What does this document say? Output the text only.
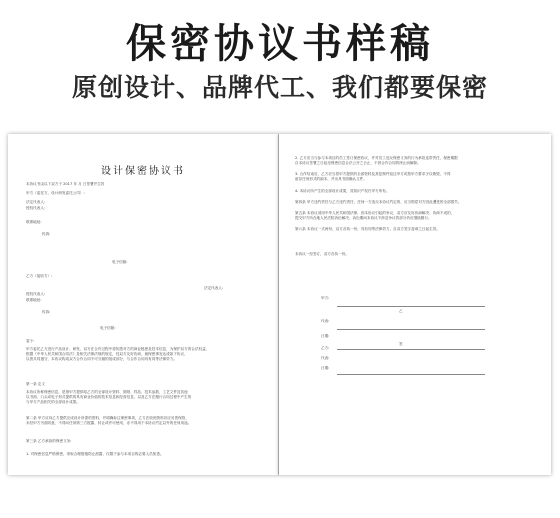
保密协议书样稿
原创设计、品牌代工、我们都要保密
设计保密协议书
本协议书由以下双方于 2017 年 月 日签署并生效
甲方（委托方，设计研发委托公司）:
法定代表人:
授权代表人:
联系地址:
传真:
电子信箱:
乙方（接收方）:
法定代表人:
授权代表人:
联系地址:
传真:
电子信箱:
鉴于:
甲方委托乙方进行产品设计、研发，双方在合作过程中将知悉对方的商业秘密及技术信息，为保护双方的合法权益，
根据《中华人民共和国合同法》及相关法律法规的规定，经双方友好协商，就保密事宜达成如下协议，
以资共同遵守，本协议构成双方合作合同不可分割的组成部分，与合作合同具有同等法律效力。
第一条 定义
本协议所称保密信息，是指甲方提供给乙方的全部设计资料、图纸、样品、技术参数、工艺文件及其他
以书面、口头或电子形式提供的具有商业价值的技术信息和经营信息，以及乙方在履行合同过程中产生的
与甲方产品相关的全部设计成果。
第二条 甲方应向乙方提供完成设计所需的资料，并明确标注保密事项，乙方在收到资料后应妥善保管，
未经甲方书面同意，不得向任何第三方披露、转让或许可使用，亦不得用于本协议约定以外的任何用途。
第三条 乙方承担的保密义务:
1. 对保密信息严格保密，采取合理措施防止泄露，仅限于参与本项目的必要人员知悉。
2. 乙方应当与参与本项目的员工签订保密协议，并对员工违反保密义务的行为承担连带责任，保密期限
自本协议签署之日起至保密信息合法公开之日止，不因合作合同的终止而解除。
3. 合作结束后，乙方应当将甲方提供的全部资料及其复制件返还甲方或按甲方要求予以销毁，不得
留存任何形式的副本，并出具书面确认文件。
4. 本协议所产生的全部设计成果，其知识产权归甲方所有。
第四条 甲方违约责任与乙方违约责任，任何一方违反本协议约定的，应当赔偿对方因此遭受的全部损失。
第五条 本协议适用中华人民共和国法律，因本协议引起的争议，双方应友好协商解决；协商不成的，
提交甲方所在地人民法院诉讼解决，诉讼期间本协议不涉及争议的部分仍应继续履行。
第六条 本协议一式两份，双方各执一份，具有同等法律效力，自双方签字盖章之日起生效。
本协议一经签订，双方各执一份。
甲方:
乙
代表:
日期:
乙方:
签
代表:
日期:
